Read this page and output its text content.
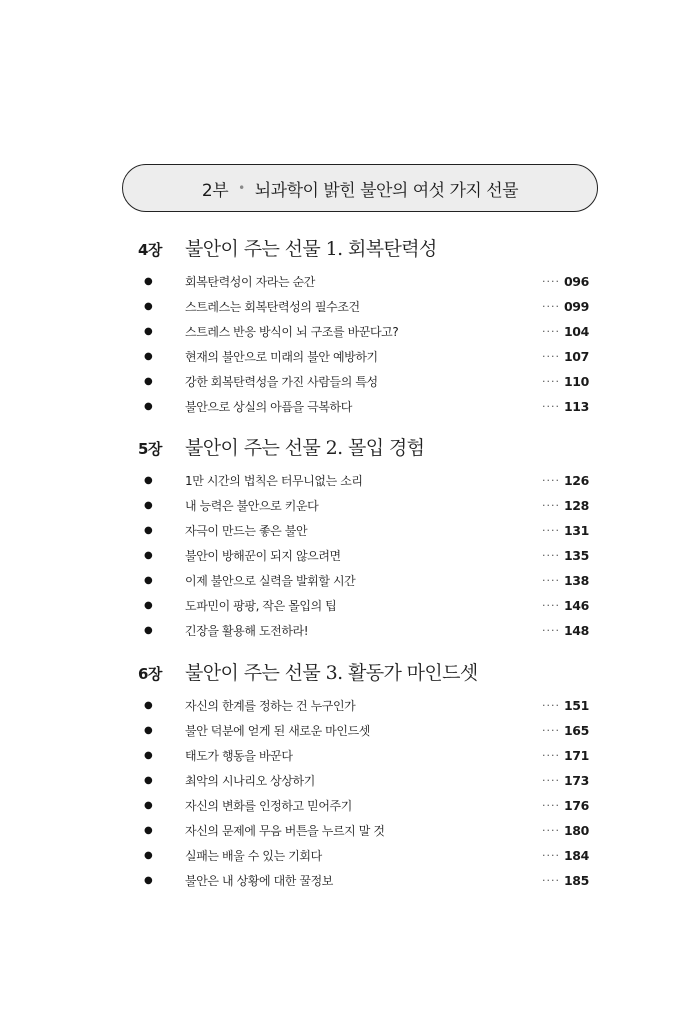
2부 • 뇌과학이 밝힌 불안의 여섯 가지 선물
4장	불안이 주는 선물 1. 회복탄력성
●	회복탄력성이 자라는 순간	···· 096
●	스트레스는 회복탄력성의 필수조건	···· 099
●	스트레스 반응 방식이 뇌 구조를 바꾼다고?	···· 104
●	현재의 불안으로 미래의 불안 예방하기	···· 107
●	강한 회복탄력성을 가진 사람들의 특성	···· 110
●	불안으로 상실의 아픔을 극복하다	···· 113
5장	불안이 주는 선물 2. 몰입 경험
●	1만 시간의 법칙은 터무니없는 소리	···· 126
●	내 능력은 불안으로 키운다	···· 128
●	자극이 만드는 좋은 불안	···· 131
●	불안이 방해꾼이 되지 않으려면	···· 135
●	이제 불안으로 실력을 발휘할 시간	···· 138
●	도파민이 팡팡, 작은 몰입의 팁	···· 146
●	긴장을 활용해 도전하라!	···· 148
6장	불안이 주는 선물 3. 활동가 마인드셋
●	자신의 한계를 정하는 건 누구인가	···· 151
●	불안 덕분에 얻게 된 새로운 마인드셋	···· 165
●	태도가 행동을 바꾼다	···· 171
●	최악의 시나리오 상상하기	···· 173
●	자신의 변화를 인정하고 믿어주기	···· 176
●	자신의 문제에 무음 버튼을 누르지 말 것	···· 180
●	실패는 배울 수 있는 기회다	···· 184
●	불안은 내 상황에 대한 꿀정보	···· 185
